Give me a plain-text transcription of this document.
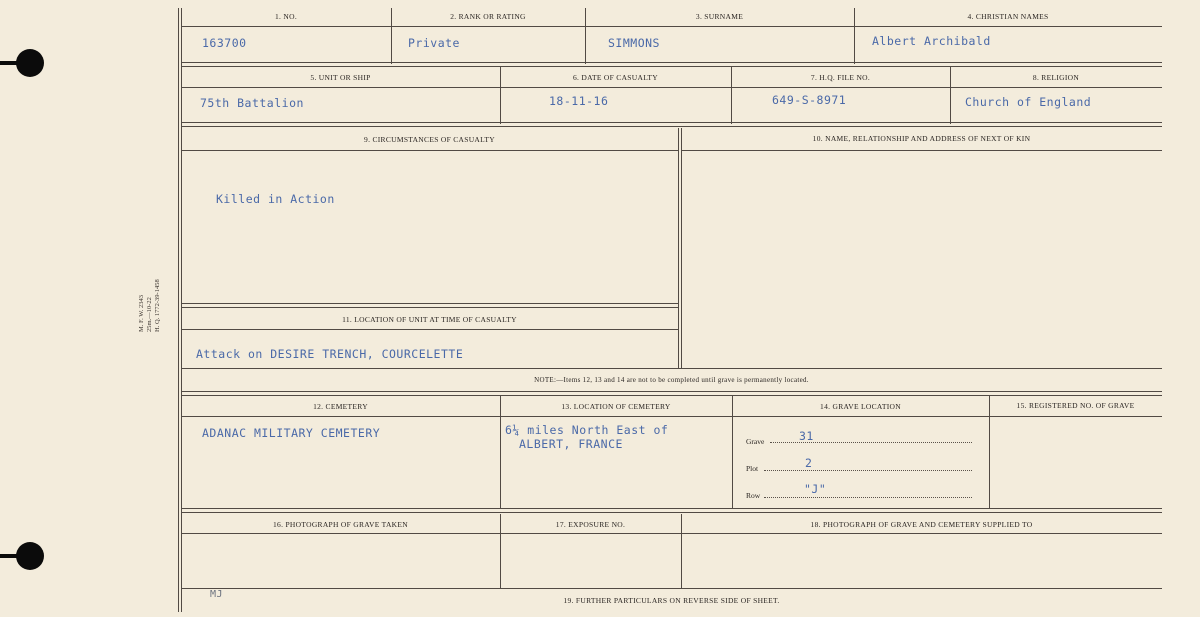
M. F. W. 2343 25m.—10-22 H. Q. 1772-39-1458
1. NO.	2. RANK OR RATING	3. SURNAME	4. CHRISTIAN NAMES
163700	Private	SIMMONS	Albert Archibald
5. UNIT OR SHIP	6. DATE OF CASUALTY	7. H.Q. FILE NO.	8. RELIGION
75th Battalion	18-11-16	649-S-8971	Church of England
9. CIRCUMSTANCES OF CASUALTY	10. NAME, RELATIONSHIP AND ADDRESS OF NEXT OF KIN
Killed in Action
11. LOCATION OF UNIT AT TIME OF CASUALTY
Attack on DESIRE TRENCH, COURCELETTE
NOTE:—Items 12, 13 and 14 are not to be completed until grave is permanently located.
12. CEMETERY	13. LOCATION OF CEMETERY	14. GRAVE LOCATION	15. REGISTERED NO. OF GRAVE
ADANAC MILITARY CEMETERY	6¼ miles North East of
ALBERT, FRANCE	Grave	31
Plot	2
Row	"J"
16. PHOTOGRAPH OF GRAVE TAKEN	17. EXPOSURE NO.	18. PHOTOGRAPH OF GRAVE AND CEMETERY SUPPLIED TO
MJ
19. FURTHER PARTICULARS ON REVERSE SIDE OF SHEET.
